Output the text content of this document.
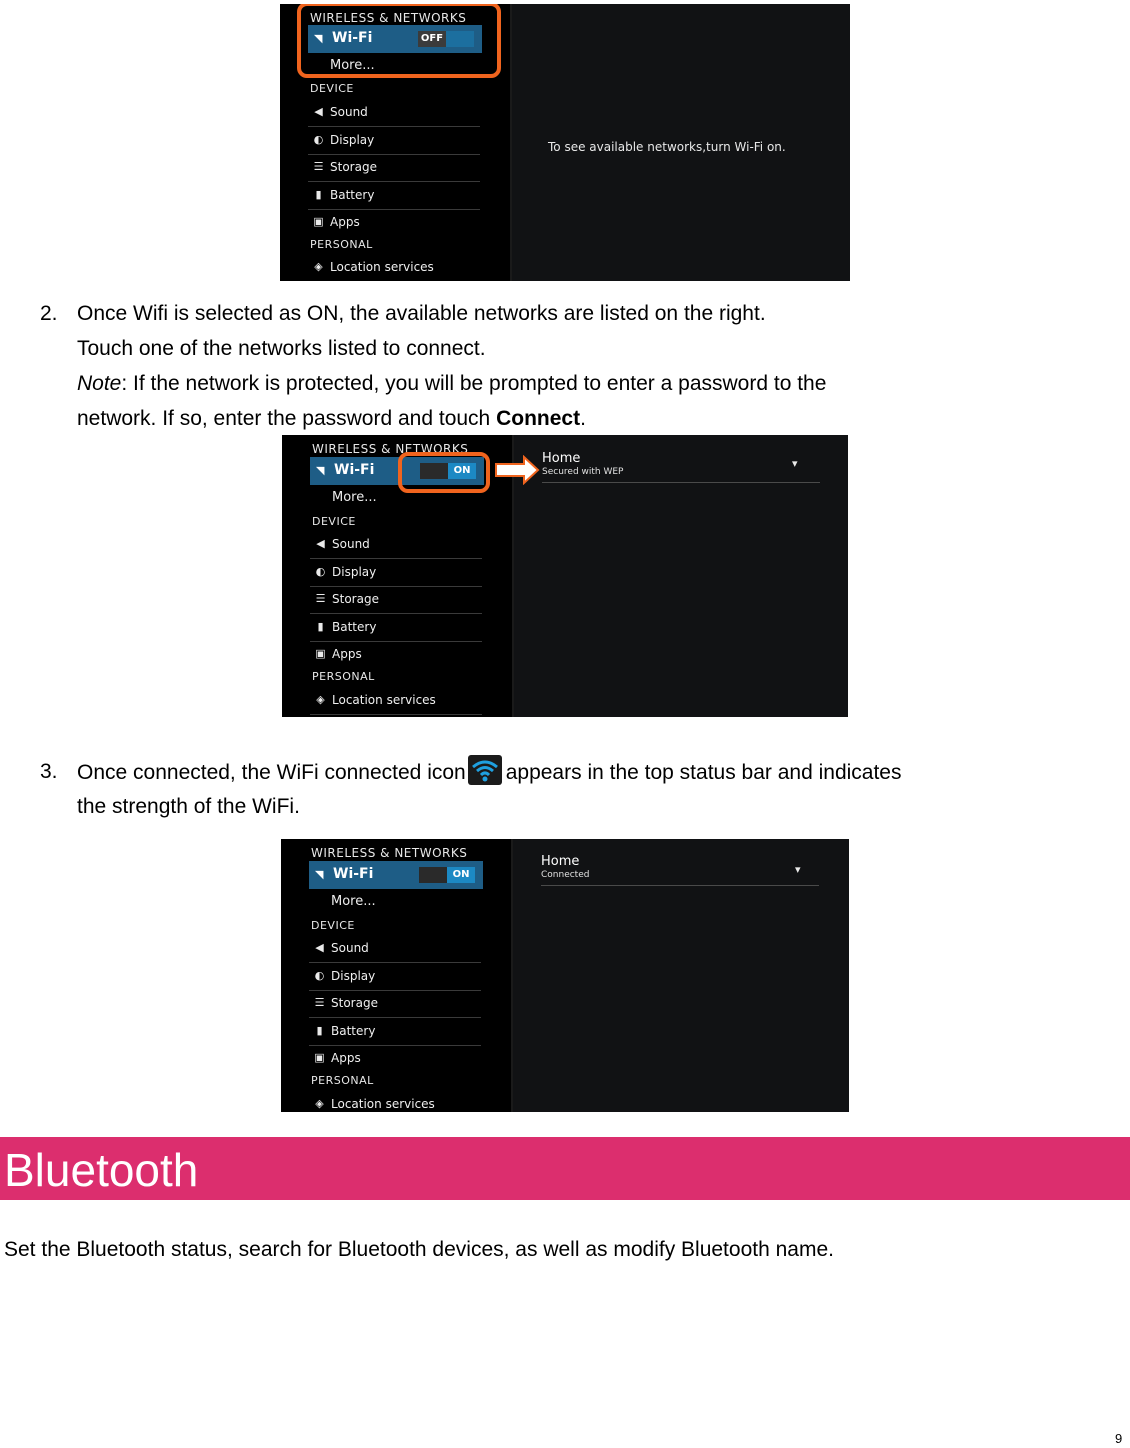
WIRELESS & NETWORKS
◥ Wi-Fi	OFF
More...
DEVICE
◀ Sound
◐ Display
☰ Storage
▮ Battery
▣ Apps
PERSONAL
◈ Location services
To see available networks,turn Wi-Fi on.
2. Once Wifi is selected as ON, the available networks are listed on the right.
Touch one of the networks listed to connect.
Note: If the network is protected, you will be prompted to enter a password to the
network. If so, enter the password and touch Connect.
WIRELESS & NETWORKS
◥ Wi-Fi	ON
More...
DEVICE
◀ Sound
◐ Display
☰ Storage
▮ Battery
▣ Apps
PERSONAL
◈ Location services
Home
Secured with WEP
▾
3. Once connected, the WiFi connected icon appears in the top status bar and indicates
the strength of the WiFi.
WIRELESS & NETWORKS
◥ Wi-Fi	ON
More...
DEVICE
◀ Sound
◐ Display
☰ Storage
▮ Battery
▣ Apps
PERSONAL
◈ Location services
Home
Connected	▾
Bluetooth
Set the Bluetooth status, search for Bluetooth devices, as well as modify Bluetooth name.
9
